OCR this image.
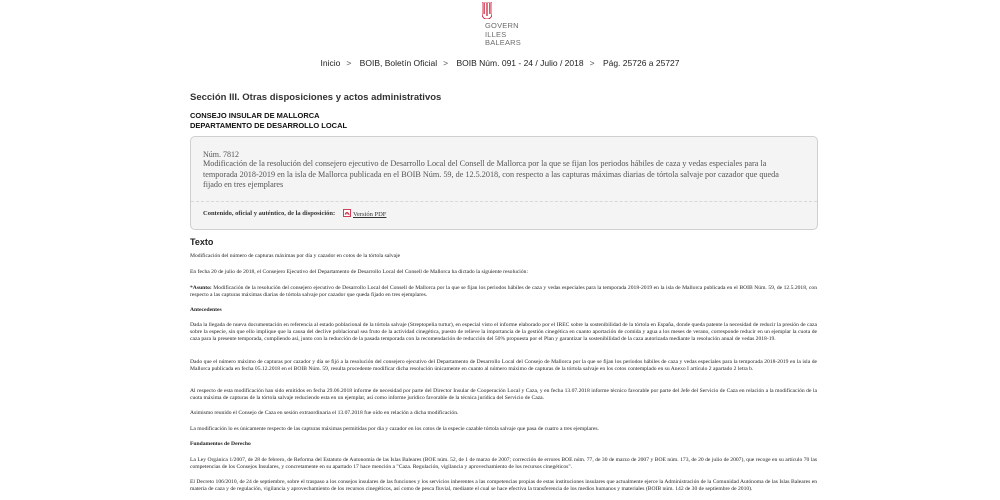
GOVERN
ILLES
BALEARS
Inicio > BOIB, Boletín Oficial > BOIB Núm. 091 - 24 / Julio / 2018 > Pág. 25726 a 25727
Sección III. Otras disposiciones y actos administrativos
CONSEJO INSULAR DE MALLORCA
DEPARTAMENTO DE DESARROLLO LOCAL
Núm. 7812
Modificación de la resolución del consejero ejecutivo de Desarrollo Local del Consell de Mallorca por la que se fijan los periodos hábiles de caza y vedas especiales para la temporada 2018-2019 en la isla de Mallorca publicada en el BOIB Núm. 59, de 12.5.2018, con respecto a las capturas máximas diarias de tórtola salvaje por cazador que queda fijado en tres ejemplares
Contenido, oficial y auténtico, de la disposición:	Versión PDF
Texto

Modificación del número de capturas máximas por día y cazador en cotos de la tórtola salvaje

En fecha 20 de julio de 2018, el Consejero Ejecutivo del Departamento de Desarrollo Local del Consell de Mallorca ha dictado la siguiente resolución:

*Asunto: Modificación de la resolución del consejero ejecutivo de Desarrollo Local del Consell de Mallorca por la que se fijan los periodos hábiles de caza y vedas especiales para la temporada 2018-2019 en la isla de Mallorca publicada en el BOIB Núm. 59, de 12.5.2018, con respecto a las capturas máximas diarias de tórtola salvaje por cazador que queda fijado en tres ejemplares.

Antecedentes

Dada la llegada de nueva documentación en referencia al estado poblacional de la tórtola salvaje (Streptopelia turtur), en especial visto el informe elaborado por el IREC sobre la sostenibilidad de la tórtola en España, donde queda patente la necesidad de reducir la presión de caza sobre la especie, sin que ello implique que la causa del declive poblacional sea fruto de la actividad cinegética, puesto de relieve la importancia de la gestión cinegética en cuanto aportación de comida y agua a los meses de verano, corresponde reducir en un ejemplar la cuota de caza para la presente temporada, cumpliendo así, junto con la reducción de la pasada temporada con la recomendación de reducción del 50% propuesta por el Plan y garantizar la sostenibilidad de la caza autorizada mediante la resolución anual de vedas 2018-19.

Dado que el número máximo de capturas por cazador y día se fijó a la resolución del consejero ejecutivo del Departamento de Desarrollo Local del Consejo de Mallorca por la que se fijan los periodos hábiles de caza y vedas especiales para la temporada 2018-2019 en la isla de Mallorca publicada en fecha 05.12.2018 en el BOIB Núm. 59, resulta procedente modificar dicha resolución únicamente en cuanto al número máximo de capturas de la tórtola salvaje en los cotos contemplado en su Anexo I artículo 2 apartado 2 letra b.

Al respecto de esta modificación han sido emitidos en fecha 29.06.2018 informe de necesidad por parte del Director Insular de Cooperación Local y Caza, y en fecha 13.07.2018 informe técnico favorable por parte del Jefe del Servicio de Caza en relación a la modificación de la cuota máxima de capturas de la tórtola salvaje reduciendo esta en un ejemplar, así como informe jurídico favorable de la técnica jurídica del Servicio de Caza.

Asimismo reunido el Consejo de Caza en sesión extraordinaria el 13.07.2018 fue oído en relación a dicha modificación.

La modificación lo es únicamente respecto de las capturas máximas permitidas por día y cazador en los cotos de la especie cazable tórtola salvaje que pasa de cuatro a tres ejemplares.

Fundamentos de Derecho

La Ley Orgánica 1/2007, de 28 de febrero, de Reforma del Estatuto de Autonomía de las Islas Baleares (BOE núm. 52, de 1 de marzo de 2007; corrección de errores BOE núm. 77, de 30 de marzo de 2007 y BOE núm. 173, de 20 de julio de 2007), que recoge en su artículo 70 las competencias de los Consejos Insulares, y concretamente en su apartado 17 hace mención a "Caza. Regulación, vigilancia y aprovechamiento de los recursos cinegéticos".

El Decreto 106/2010, de 24 de septiembre, sobre el traspaso a los consejos insulares de las funciones y los servicios inherentes a las competencias propias de estas instituciones insulares que actualmente ejerce la Administración de la Comunidad Autónoma de las Islas Baleares en materia de caza y de regulación, vigilancia y aprovechamiento de los recursos cinegéticos, así como de pesca fluvial, mediante el cual se hace efectiva la transferencia de los medios humanos y materiales (BOIB núm. 142 de 30 de septiembre de 2010).
